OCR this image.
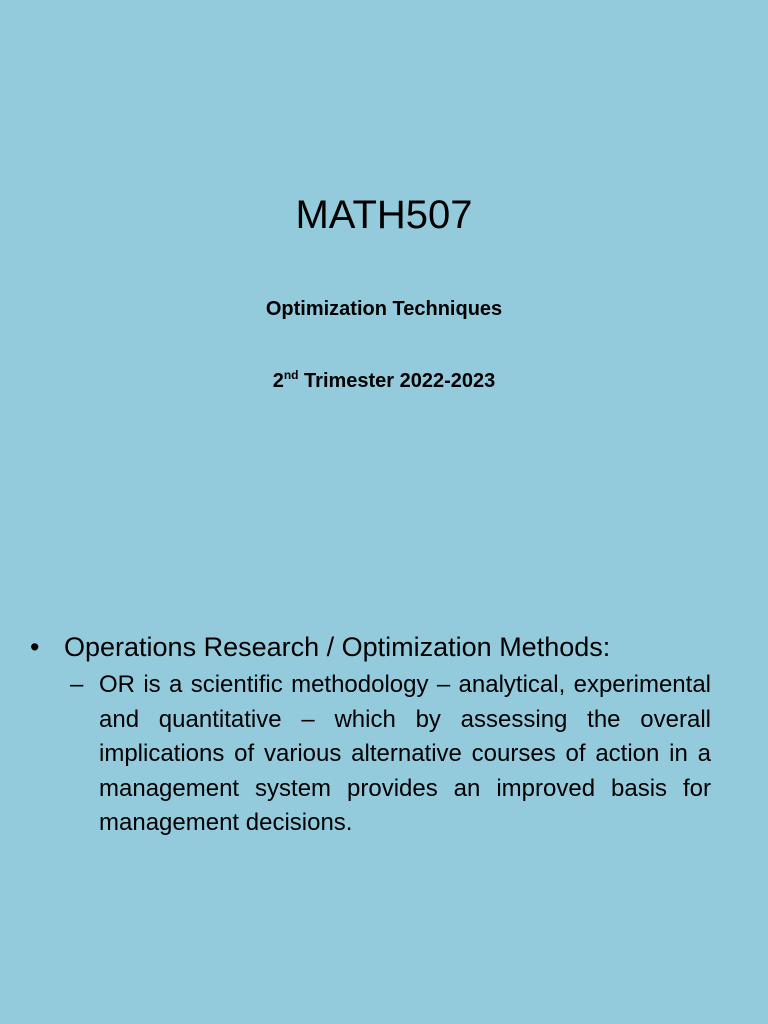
MATH507
Optimization Techniques
2nd Trimester 2022-2023
• Operations Research / Optimization Methods:
– OR is a scientific methodology – analytical, experimental and quantitative – which by assessing the overall implications of various alternative courses of action in a management system provides an improved basis for management decisions.
